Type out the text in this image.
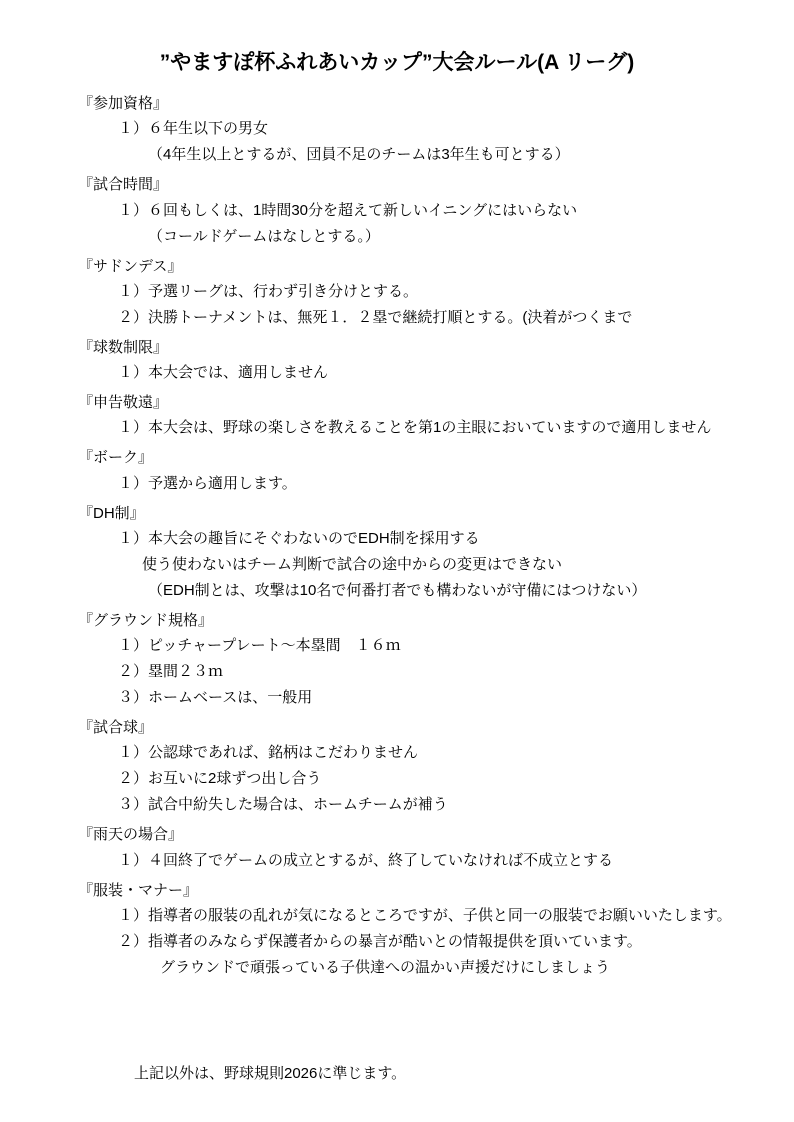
”やますぽ杯ふれあいカップ”大会ルール(A リーグ)
『参加資格』
１）６年生以下の男女
（4年生以上とするが、団員不足のチームは3年生も可とする）
『試合時間』
１）６回もしくは、1時間30分を超えて新しいイニングにはいらない
（コールドゲームはなしとする。）
『サドンデス』
１）予選リーグは、行わず引き分けとする。
２）決勝トーナメントは、無死１．２塁で継続打順とする。(決着がつくまで
『球数制限』
１）本大会では、適用しません
『申告敬遠』
１）本大会は、野球の楽しさを教えることを第1の主眼においていますので適用しません
『ボーク』
１）予選から適用します。
『DH制』
１）本大会の趣旨にそぐわないのでEDH制を採用する
使う使わないはチーム判断で試合の途中からの変更はできない
（EDH制とは、攻撃は10名で何番打者でも構わないが守備にはつけない）
『グラウンド規格』
１）ピッチャープレート～本塁間　１６ｍ
２）塁間２３ｍ
３）ホームベースは、一般用
『試合球』
１）公認球であれば、銘柄はこだわりません
２）お互いに2球ずつ出し合う
３）試合中紛失した場合は、ホームチームが補う
『雨天の場合』
１）４回終了でゲームの成立とするが、終了していなければ不成立とする
『服装・マナー』
１）指導者の服装の乱れが気になるところですが、子供と同一の服装でお願いいたします。
２）指導者のみならず保護者からの暴言が酷いとの情報提供を頂いています。
グラウンドで頑張っている子供達への温かい声援だけにしましょう
上記以外は、野球規則2026に準じます。
